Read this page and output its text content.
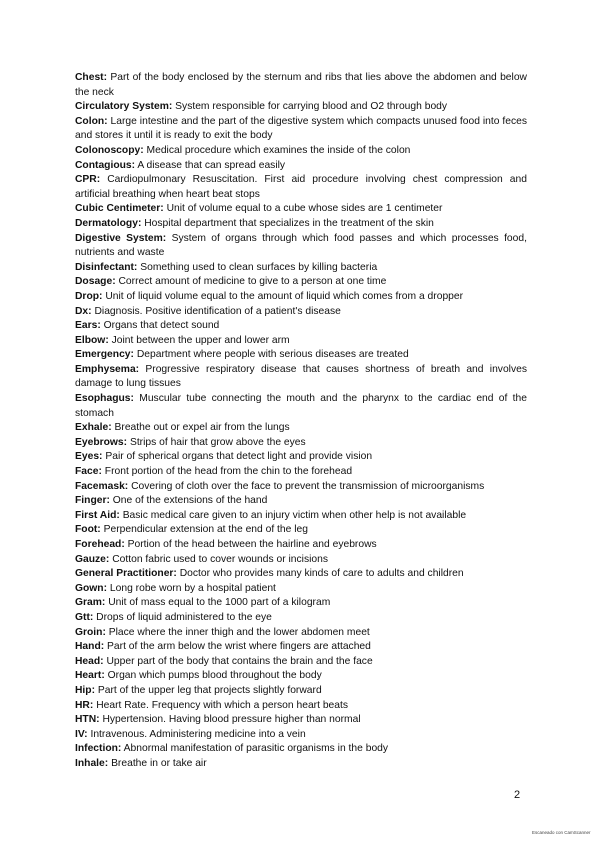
Chest: Part of the body enclosed by the sternum and ribs that lies above the abdomen and below the neck

Circulatory System: System responsible for carrying blood and O2 through body

Colon: Large intestine and the part of the digestive system which compacts unused food into feces and stores it until it is ready to exit the body

Colonoscopy: Medical procedure which examines the inside of the colon

Contagious: A disease that can spread easily

CPR: Cardiopulmonary Resuscitation. First aid procedure involving chest compression and artificial breathing when heart beat stops

Cubic Centimeter: Unit of volume equal to a cube whose sides are 1 centimeter

Dermatology: Hospital department that specializes in the treatment of the skin

Digestive System: System of organs through which food passes and which processes food, nutrients and waste

Disinfectant: Something used to clean surfaces by killing bacteria

Dosage: Correct amount of medicine to give to a person at one time

Drop: Unit of liquid volume equal to the amount of liquid which comes from a dropper

Dx: Diagnosis. Positive identification of a patient's disease

Ears: Organs that detect sound

Elbow: Joint between the upper and lower arm

Emergency: Department where people with serious diseases are treated

Emphysema: Progressive respiratory disease that causes shortness of breath and involves damage to lung tissues

Esophagus: Muscular tube connecting the mouth and the pharynx to the cardiac end of the stomach

Exhale: Breathe out or expel air from the lungs

Eyebrows: Strips of hair that grow above the eyes

Eyes: Pair of spherical organs that detect light and provide vision

Face: Front portion of the head from the chin to the forehead

Facemask: Covering of cloth over the face to prevent the transmission of microorganisms

Finger: One of the extensions of the hand

First Aid: Basic medical care given to an injury victim when other help is not available

Foot: Perpendicular extension at the end of the leg

Forehead: Portion of the head between the hairline and eyebrows

Gauze: Cotton fabric used to cover wounds or incisions

General Practitioner: Doctor who provides many kinds of care to adults and children

Gown: Long robe worn by a hospital patient

Gram: Unit of mass equal to the 1000 part of a kilogram

Gtt: Drops of liquid administered to the eye

Groin: Place where the inner thigh and the lower abdomen meet

Hand: Part of the arm below the wrist where fingers are attached

Head: Upper part of the body that contains the brain and the face

Heart: Organ which pumps blood throughout the body

Hip: Part of the upper leg that projects slightly forward

HR: Heart Rate. Frequency with which a person heart beats

HTN: Hypertension. Having blood pressure higher than normal

IV: Intravenous. Administering medicine into a vein

Infection: Abnormal manifestation of parasitic organisms in the body

Inhale: Breathe in or take air

2
Escaneado con CamScanner
